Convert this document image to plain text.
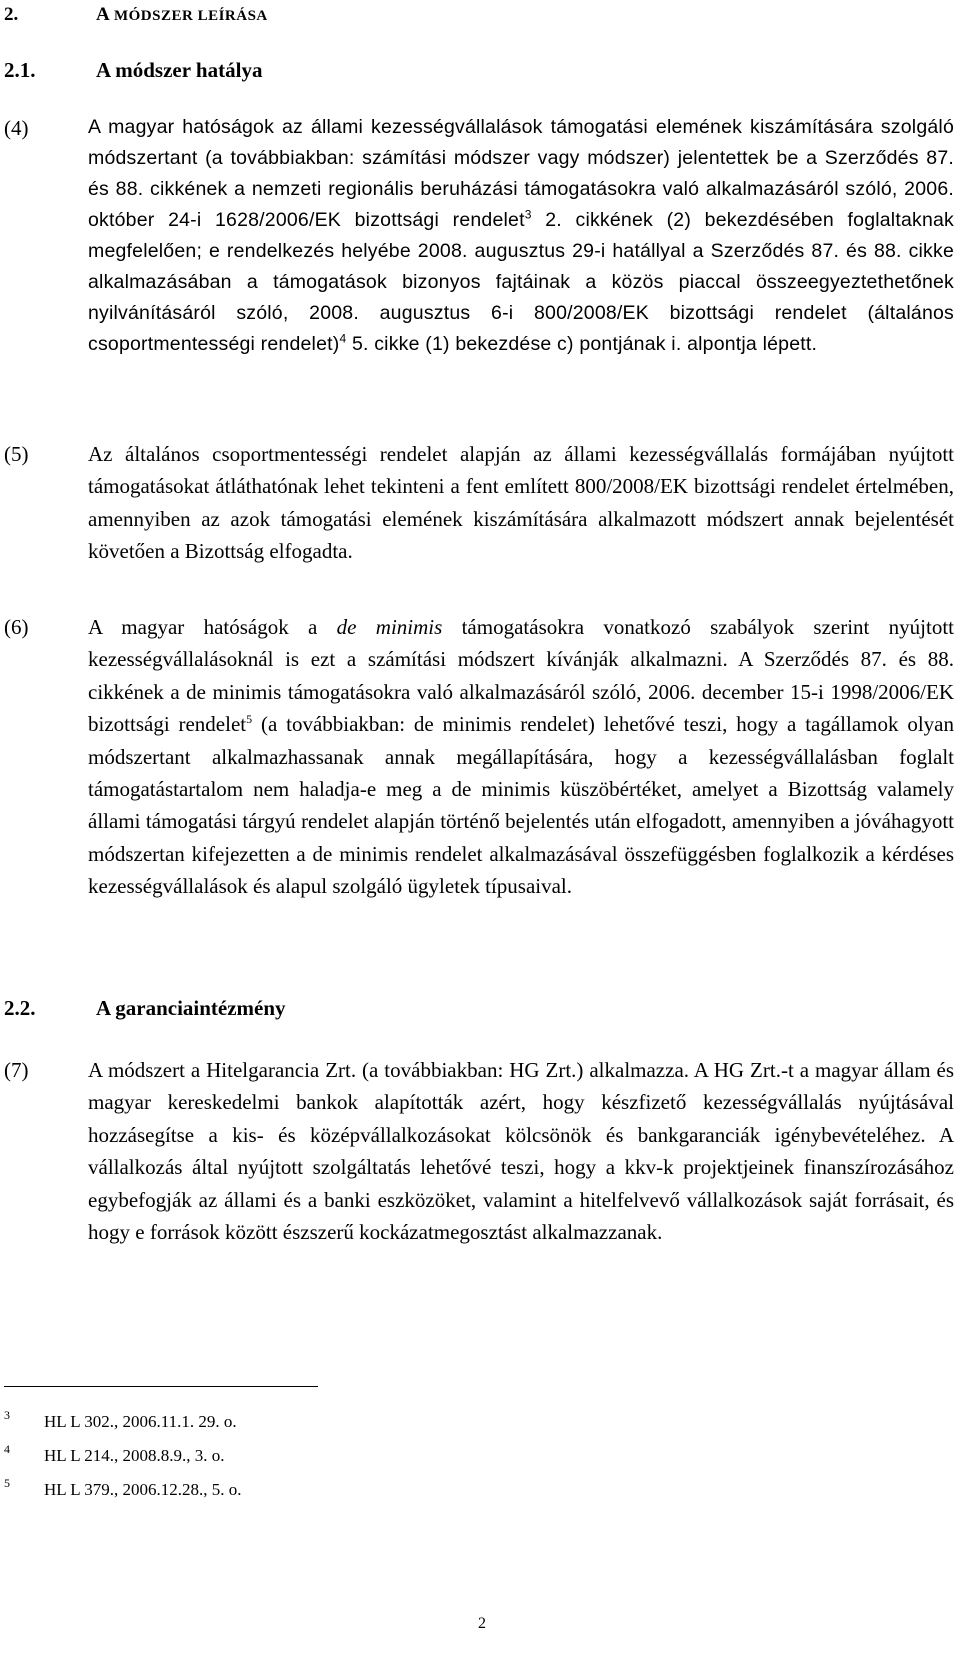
2.	A MÓDSZER LEÍRÁSA
2.1.	A módszer hatálya
(4)	A magyar hatóságok az állami kezességvállalások támogatási elemének kiszámítására szolgáló módszertant (a továbbiakban: számítási módszer vagy módszer) jelentettek be a Szerződés 87. és 88. cikkének a nemzeti regionális beruházási támogatásokra való alkalmazásáról szóló, 2006. október 24-i 1628/2006/EK bizottsági rendelet$^3$ 2. cikkének (2) bekezdésében foglaltaknak megfelelően; e rendelkezés helyébe 2008. augusztus 29-i hatállyal a Szerződés 87. és 88. cikke alkalmazásában a támogatások bizonyos fajtáinak a közös piaccal összeegyeztethetőnek nyilvánításáról szóló, 2008. augusztus 6-i 800/2008/EK bizottsági rendelet (általános csoportmentességi rendelet)$^4$ 5. cikke (1) bekezdése c) pontjának i. alpontja lépett.

(5)	Az általános csoportmentességi rendelet alapján az állami kezességvállalás formájában nyújtott támogatásokat átláthatónak lehet tekinteni a fent említett 800/2008/EK bizottsági rendelet értelmében, amennyiben az azok támogatási elemének kiszámítására alkalmazott módszert annak bejelentését követően a Bizottság elfogadta.

(6)	A magyar hatóságok a de minimis támogatásokra vonatkozó szabályok szerint nyújtott kezességvállalásoknál is ezt a számítási módszert kívánják alkalmazni. A Szerződés 87. és 88. cikkének a de minimis támogatásokra való alkalmazásáról szóló, 2006. december 15-i 1998/2006/EK bizottsági rendelet$^5$ (a továbbiakban: de minimis rendelet) lehetővé teszi, hogy a tagállamok olyan módszertant alkalmazhassanak annak megállapítására, hogy a kezességvállalásban foglalt támogatástartalom nem haladja-e meg a de minimis küszöbértéket, amelyet a Bizottság valamely állami támogatási tárgyú rendelet alapján történő bejelentés után elfogadott, amennyiben a jóváhagyott módszertan kifejezetten a de minimis rendelet alkalmazásával összefüggésben foglalkozik a kérdéses kezességvállalások és alapul szolgáló ügyletek típusaival.

2.2.	A garanciaintézmény
(7)	A módszert a Hitelgarancia Zrt. (a továbbiakban: HG Zrt.) alkalmazza. A HG Zrt.-t a magyar állam és magyar kereskedelmi bankok alapították azért, hogy készfizető kezességvállalás nyújtásával hozzásegítse a kis- és középvállalkozásokat kölcsönök és bankgaranciák igénybevételéhez. A vállalkozás által nyújtott szolgáltatás lehetővé teszi, hogy a kkv-k projektjeinek finanszírozásához egybefogják az állami és a banki eszközöket, valamint a hitelfelvevő vállalkozások saját forrásait, és hogy e források között észszerű kockázatmegosztást alkalmazzanak.

3	HL L 302., 2006.11.1. 29. o.
4	HL L 214., 2008.8.9., 3. o.
5	HL L 379., 2006.12.28., 5. o.
2
